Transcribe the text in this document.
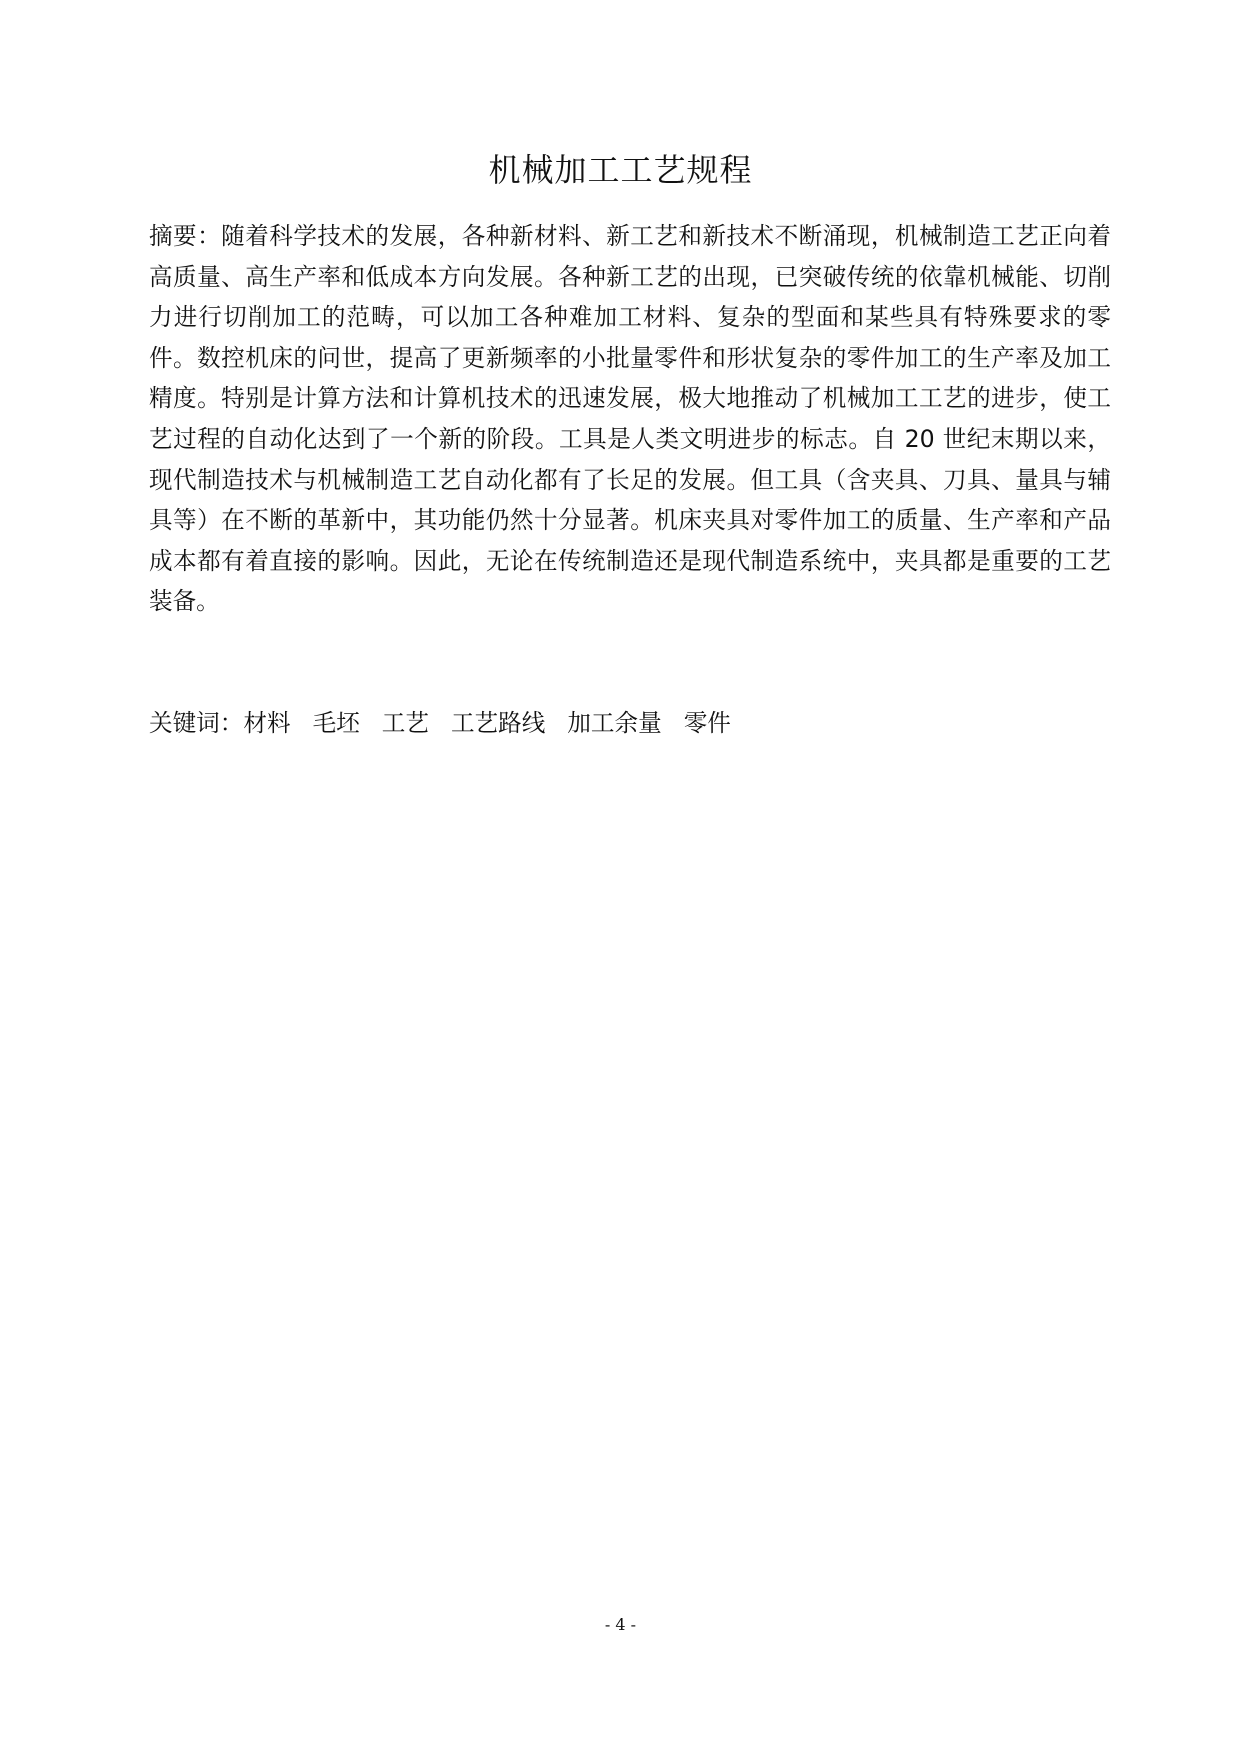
机械加工工艺规程

摘要：随着科学技术的发展，各种新材料、新工艺和新技术不断涌现，机械制造工艺正向着高质量、高生产率和低成本方向发展。各种新工艺的出现，已突破传统的依靠机械能、切削力进行切削加工的范畴，可以加工各种难加工材料、复杂的型面和某些具有特殊要求的零件。数控机床的问世，提高了更新频率的小批量零件和形状复杂的零件加工的生产率及加工精度。特别是计算方法和计算机技术的迅速发展，极大地推动了机械加工工艺的进步，使工艺过程的自动化达到了一个新的阶段。工具是人类文明进步的标志。自 20 世纪末期以来，现代制造技术与机械制造工艺自动化都有了长足的发展。但工具（含夹具、刀具、量具与辅具等）在不断的革新中，其功能仍然十分显著。机床夹具对零件加工的质量、生产率和产品成本都有着直接的影响。因此，无论在传统制造还是现代制造系统中，夹具都是重要的工艺装备。

关键词：材料 毛坯 工艺 工艺路线 加工余量 零件

- 4 -
